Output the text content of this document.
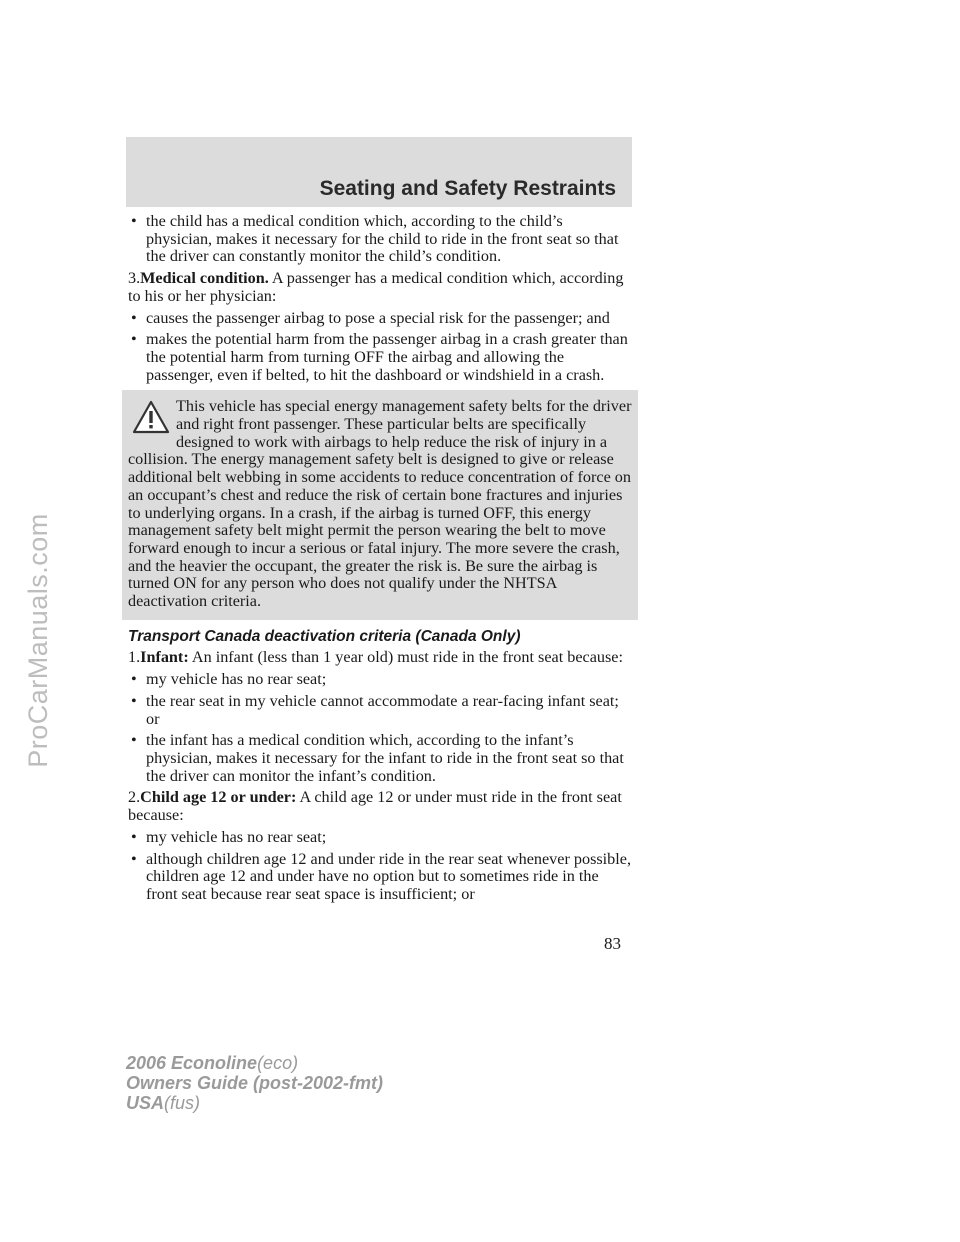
ProCarManuals.com
Seating and Safety Restraints
• the child has a medical condition which, according to the child’s physician, makes it necessary for the child to ride in the front seat so that the driver can constantly monitor the child’s condition.

3.Medical condition. A passenger has a medical condition which, according to his or her physician:

• causes the passenger airbag to pose a special risk for the passenger; and
• makes the potential harm from the passenger airbag in a crash greater than the potential harm from turning OFF the airbag and allowing the passenger, even if belted, to hit the dashboard or windshield in a crash.
This vehicle has special energy management safety belts for the driver and right front passenger. These particular belts are specifically designed to work with airbags to help reduce the risk of injury in a collision. The energy management safety belt is designed to give or release additional belt webbing in some accidents to reduce concentration of force on an occupant’s chest and reduce the risk of certain bone fractures and injuries to underlying organs. In a crash, if the airbag is turned OFF, this energy management safety belt might permit the person wearing the belt to move forward enough to incur a serious or fatal injury. The more severe the crash, and the heavier the occupant, the greater the risk is. Be sure the airbag is turned ON for any person who does not qualify under the NHTSA deactivation criteria.
Transport Canada deactivation criteria (Canada Only)

1.Infant: An infant (less than 1 year old) must ride in the front seat because:

• my vehicle has no rear seat;
• the rear seat in my vehicle cannot accommodate a rear-facing infant seat; or
• the infant has a medical condition which, according to the infant’s physician, makes it necessary for the infant to ride in the front seat so that the driver can monitor the infant’s condition.

2.Child age 12 or under: A child age 12 or under must ride in the front seat because:

• my vehicle has no rear seat;
• although children age 12 and under ride in the rear seat whenever possible, children age 12 and under have no option but to sometimes ride in the front seat because rear seat space is insufficient; or
83
2006 Econoline(eco)
Owners Guide (post-2002-fmt)
USA(fus)
